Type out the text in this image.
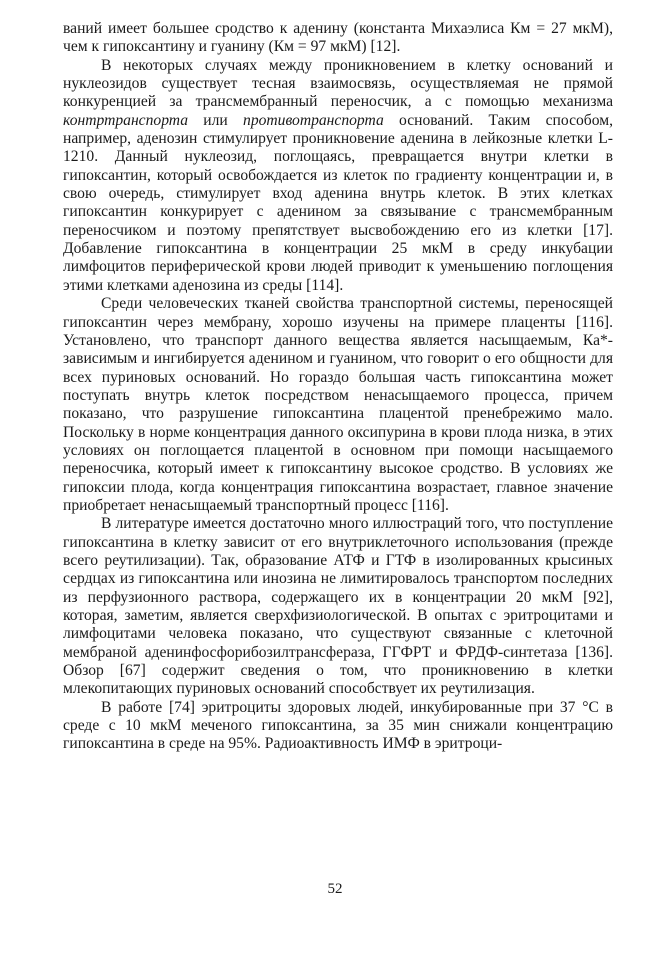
ваний имеет большее сродство к аденину (константа Михаэлиса Км = 27 мкМ), чем к гипоксантину и гуанину (Км = 97 мкМ) [12].

В некоторых случаях между проникновением в клетку оснований и нуклеозидов существует тесная взаимосвязь, осуществляемая не прямой конкуренцией за трансмембранный переносчик, а с помощью механизма контртранспорта или противотранспорта оснований. Таким способом, например, аденозин стимулирует проникновение аденина в лейкозные клетки L-1210. Данный нуклеозид, поглощаясь, превращается внутри клетки в гипоксантин, который освобождается из клеток по градиенту концентрации и, в свою очередь, стимулирует вход аденина внутрь клеток. В этих клетках гипоксантин конкурирует с аденином за связывание с трансмембранным переносчиком и поэтому препятствует высвобождению его из клетки [17]. Добавление гипоксантина в концентрации 25 мкМ в среду инкубации лимфоцитов периферической крови людей приводит к уменьшению поглощения этими клетками аденозина из среды [114].

Среди человеческих тканей свойства транспортной системы, переносящей гипоксантин через мембрану, хорошо изучены на примере плаценты [116]. Установлено, что транспорт данного вещества является насыщаемым, Ка*-зависимым и ингибируется аденином и гуанином, что говорит о его общности для всех пуриновых оснований. Но гораздо большая часть гипоксантина может поступать внутрь клеток посредством ненасыщаемого процесса, причем показано, что разрушение гипоксантина плацентой пренебрежимо мало. Поскольку в норме концентрация данного оксипурина в крови плода низка, в этих условиях он поглощается плацентой в основном при помощи насыщаемого переносчика, который имеет к гипоксантину высокое сродство. В условиях же гипоксии плода, когда концентрация гипоксантина возрастает, главное значение приобретает ненасыщаемый транспортный процесс [116].

В литературе имеется достаточно много иллюстраций того, что поступление гипоксантина в клетку зависит от его внутриклеточного использования (прежде всего реутилизации). Так, образование АТФ и ГТФ в изолированных крысиных сердцах из гипоксантина или инозина не лимитировалось транспортом последних из перфузионного раствора, содержащего их в концентрации 20 мкМ [92], которая, заметим, является сверхфизиологической. В опытах с эритроцитами и лимфоцитами человека показано, что существуют связанные с клеточной мембраной аденинфосфорибозилтрансфераза, ГГФРТ и ФРДФ-синтетаза [136]. Обзор [67] содержит сведения о том, что проникновению в клетки млекопитающих пуриновых оснований способствует их реутилизация.

В работе [74] эритроциты здоровых людей, инкубированные при 37 °С в среде с 10 мкМ меченого гипоксантина, за 35 мин снижали концентрацию гипоксантина в среде на 95%. Радиоактивность ИМФ в эритроци-

52
